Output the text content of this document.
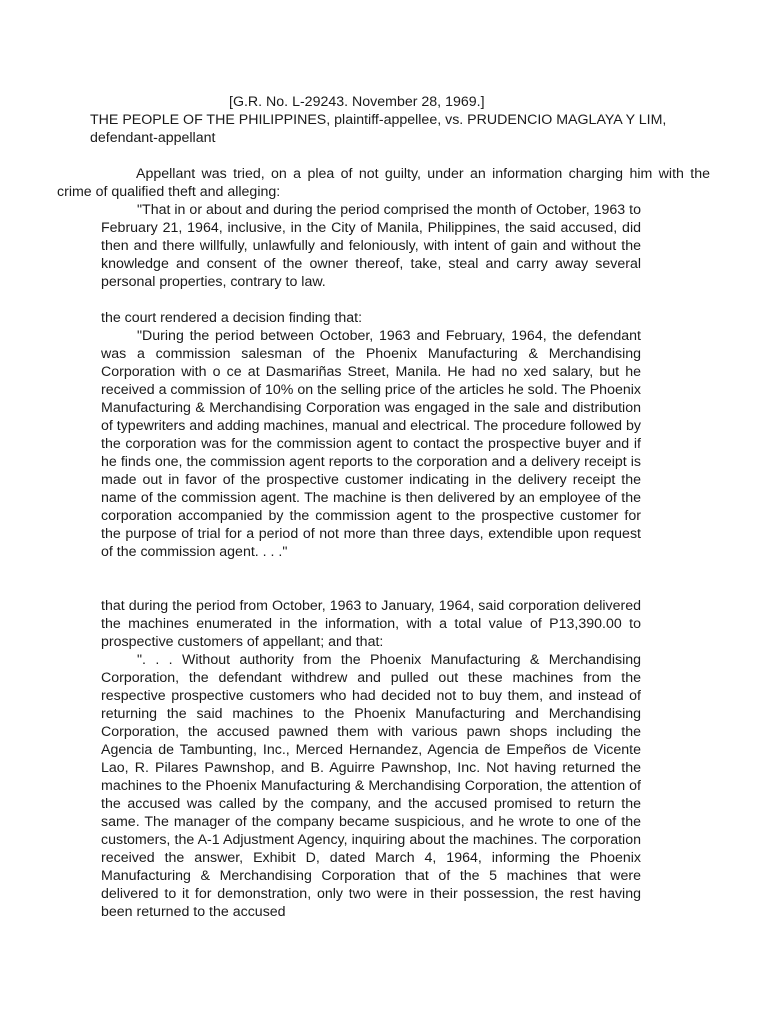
[G.R. No. L-29243. November 28, 1969.]

THE PEOPLE OF THE PHILIPPINES, plaintiff-appellee, vs. PRUDENCIO MAGLAYA Y LIM, defendant-appellant

Appellant was tried, on a plea of not guilty, under an information charging him with the crime of qualified theft and alleging:

"That in or about and during the period comprised the month of October, 1963 to February 21, 1964, inclusive, in the City of Manila, Philippines, the said accused, did then and there willfully, unlawfully and feloniously, with intent of gain and without the knowledge and consent of the owner thereof, take, steal and carry away several personal properties, contrary to law.

the court rendered a decision finding that:

"During the period between October, 1963 and February, 1964, the defendant was a commission salesman of the Phoenix Manufacturing & Merchandising Corporation with o ce at Dasmariñas Street, Manila. He had no xed salary, but he received a commission of 10% on the selling price of the articles he sold. The Phoenix Manufacturing & Merchandising Corporation was engaged in the sale and distribution of typewriters and adding machines, manual and electrical. The procedure followed by the corporation was for the commission agent to contact the prospective buyer and if he finds one, the commission agent reports to the corporation and a delivery receipt is made out in favor of the prospective customer indicating in the delivery receipt the name of the commission agent. The machine is then delivered by an employee of the corporation accompanied by the commission agent to the prospective customer for the purpose of trial for a period of not more than three days, extendible upon request of the commission agent. . . ."

that during the period from October, 1963 to January, 1964, said corporation delivered the machines enumerated in the information, with a total value of P13,390.00 to prospective customers of appellant; and that:

". . . Without authority from the Phoenix Manufacturing & Merchandising Corporation, the defendant withdrew and pulled out these machines from the respective prospective customers who had decided not to buy them, and instead of returning the said machines to the Phoenix Manufacturing and Merchandising Corporation, the accused pawned them with various pawn shops including the Agencia de Tambunting, Inc., Merced Hernandez, Agencia de Empeños de Vicente Lao, R. Pilares Pawnshop, and B. Aguirre Pawnshop, Inc. Not having returned the machines to the Phoenix Manufacturing & Merchandising Corporation, the attention of the accused was called by the company, and the accused promised to return the same. The manager of the company became suspicious, and he wrote to one of the customers, the A-1 Adjustment Agency, inquiring about the machines. The corporation received the answer, Exhibit D, dated March 4, 1964, informing the Phoenix Manufacturing & Merchandising Corporation that of the 5 machines that were delivered to it for demonstration, only two were in their possession, the rest having been returned to the accused
